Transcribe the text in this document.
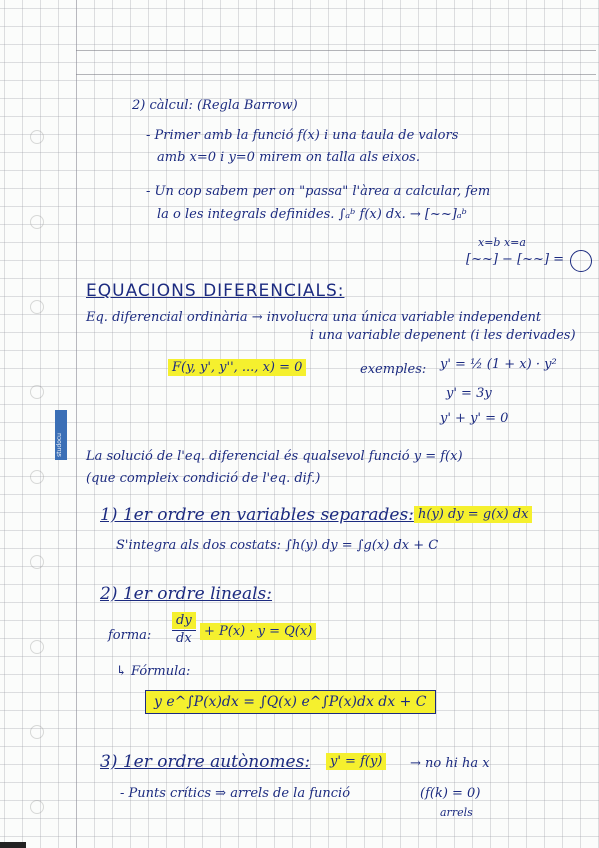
studocu
2) càlcul: (Regla Barrow)
- Primer amb la funció f(x) i una taula de valors
amb x=0 i y=0 mirem on talla als eixos.
- Un cop sabem per on "passa" l'àrea a calcular, fem
la o les integrals definides. ∫ₐᵇ f(x) dx. → [~~]ₐᵇ
x=b x=a
[~~] − [~~] =
EQUACIONS DIFERENCIALS:
Eq. diferencial ordinària → involucra una única variable independent
i una variable depenent (i les derivades)
F(y, y', y'', ..., x) = 0	exemples: y' = ½ (1 + x) · y²
y' = 3y
y' + y' = 0
La solució de l'eq. diferencial és qualsevol funció y = f(x)
(que compleix condició de l'eq. dif.)
1) 1er ordre en variables separades: h(y) dy = g(x) dx
S'integra als dos costats: ∫h(y) dy = ∫g(x) dx + C
2) 1er ordre lineals:
forma: $\frac{dy}{dx} + P(x) \cdot y = Q(x)$
↳ Fórmula:
y e^∫P(x)dx = ∫Q(x) e^∫P(x)dx dx + C
3) 1er ordre autònomes:	y' = f(y)	→ no hi ha x
- Punts crítics ⇒ arrels de la funció	(f(k) = 0)
arrels
